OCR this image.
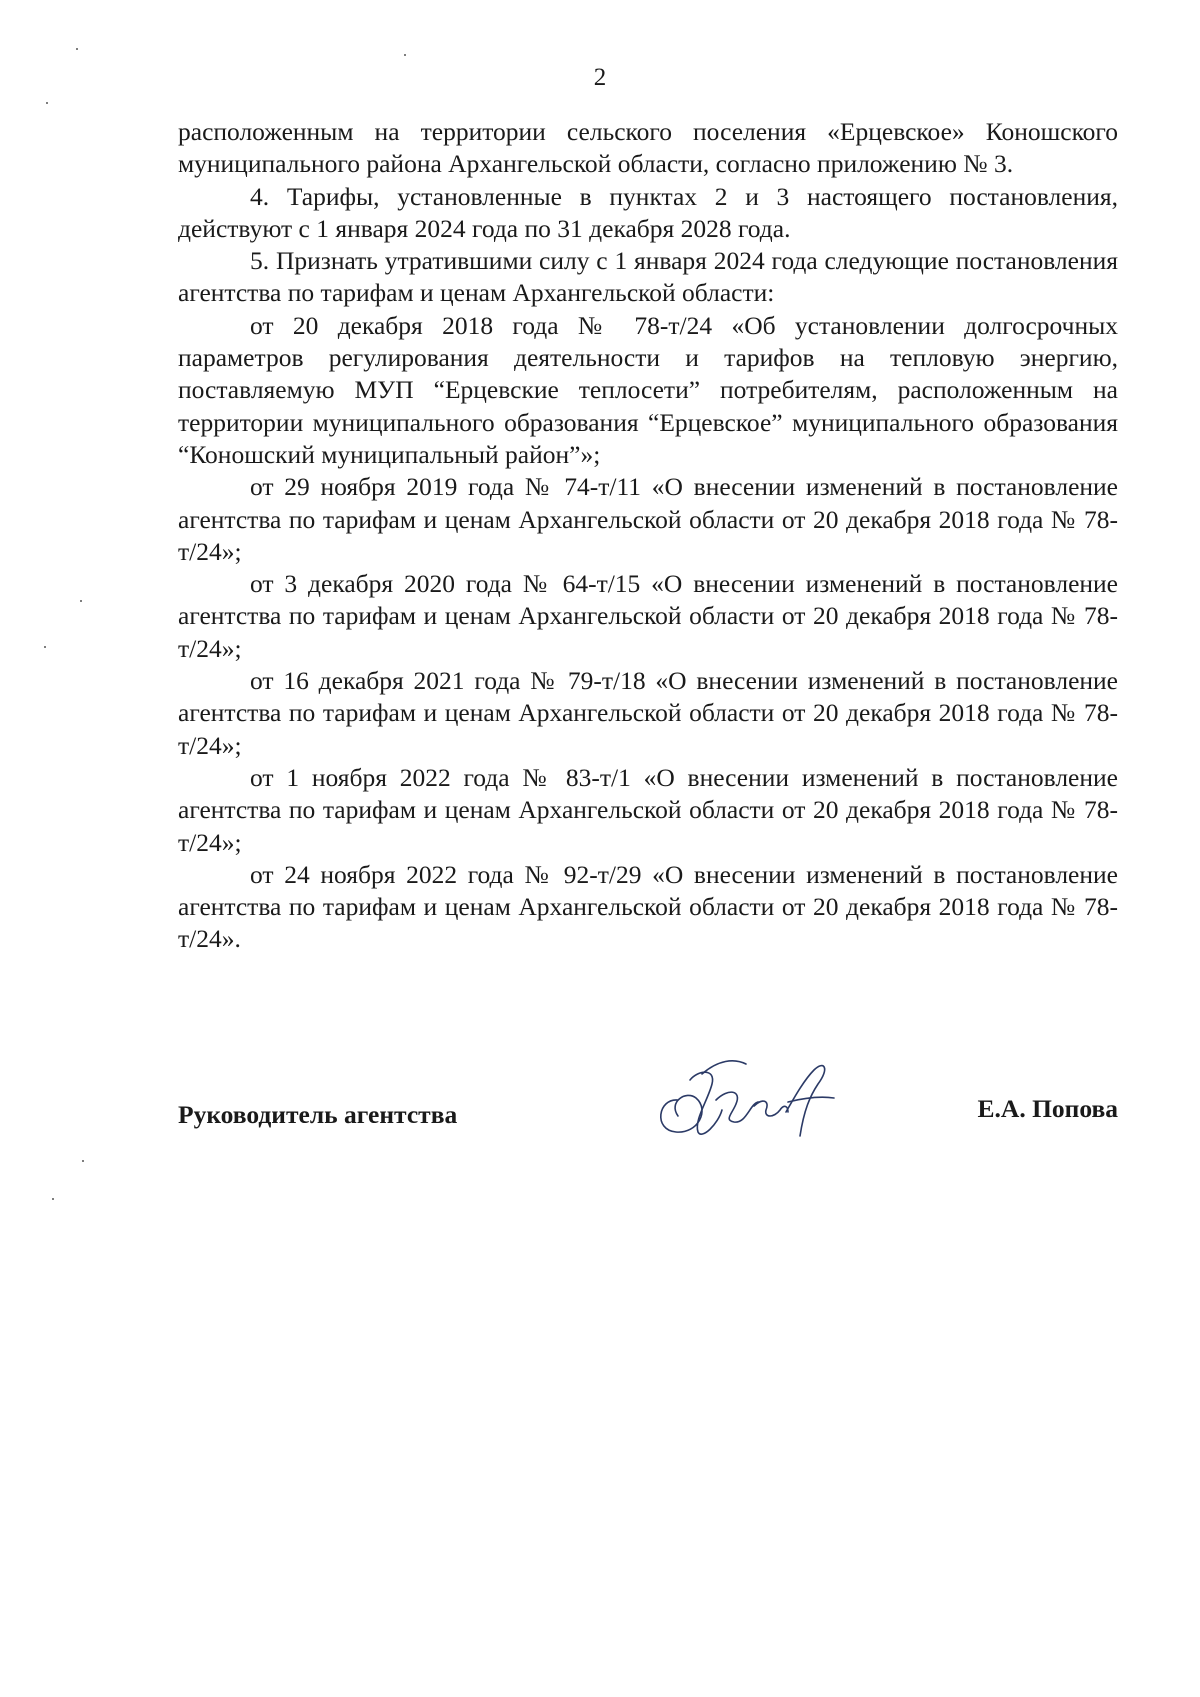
2

расположенным на территории сельского поселения «Ерцевское» Коношского муниципального района Архангельской области, согласно приложению № 3.

4. Тарифы, установленные в пунктах 2 и 3 настоящего постановления, действуют с 1 января 2024 года по 31 декабря 2028 года.

5. Признать утратившими силу с 1 января 2024 года следующие постановления агентства по тарифам и ценам Архангельской области:

от 20 декабря 2018 года № 78-т/24 «Об установлении долгосрочных параметров регулирования деятельности и тарифов на тепловую энергию, поставляемую МУП “Ерцевские теплосети” потребителям, расположенным на территории муниципального образования “Ерцевское” муниципального образования “Коношский муниципальный район”»;

от 29 ноября 2019 года № 74-т/11 «О внесении изменений в постановление агентства по тарифам и ценам Архангельской области от 20 декабря 2018 года № 78-т/24»;

от 3 декабря 2020 года № 64-т/15 «О внесении изменений в постановление агентства по тарифам и ценам Архангельской области от 20 декабря 2018 года № 78-т/24»;

от 16 декабря 2021 года № 79-т/18 «О внесении изменений в постановление агентства по тарифам и ценам Архангельской области от 20 декабря 2018 года № 78-т/24»;

от 1 ноября 2022 года № 83-т/1 «О внесении изменений в постановление агентства по тарифам и ценам Архангельской области от 20 декабря 2018 года № 78-т/24»;

от 24 ноября 2022 года № 92-т/29 «О внесении изменений в постановление агентства по тарифам и ценам Архангельской области от 20 декабря 2018 года № 78-т/24».

Руководитель агентства	Е.А. Попова
